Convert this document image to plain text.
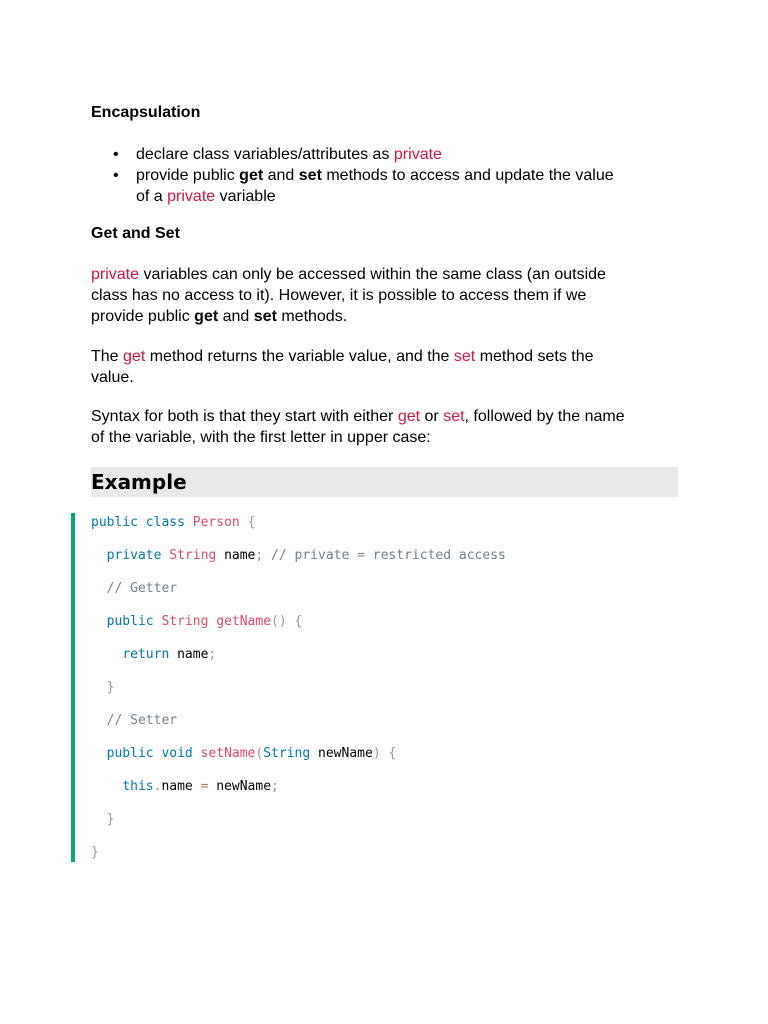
Encapsulation
• declare class variables/attributes as private
• provide public get and set methods to access and update the value
of a private variable
Get and Set
private variables can only be accessed within the same class (an outside
class has no access to it). However, it is possible to access them if we
provide public get and set methods.
The get method returns the variable value, and the set method sets the
value.
Syntax for both is that they start with either get or set, followed by the name
of the variable, with the first letter in upper case:
Example
public class Person {
private String name; // private = restricted access
// Getter
public String getName() {
return name;
}
// Setter
public void setName(String newName) {
this.name = newName;
}
}
